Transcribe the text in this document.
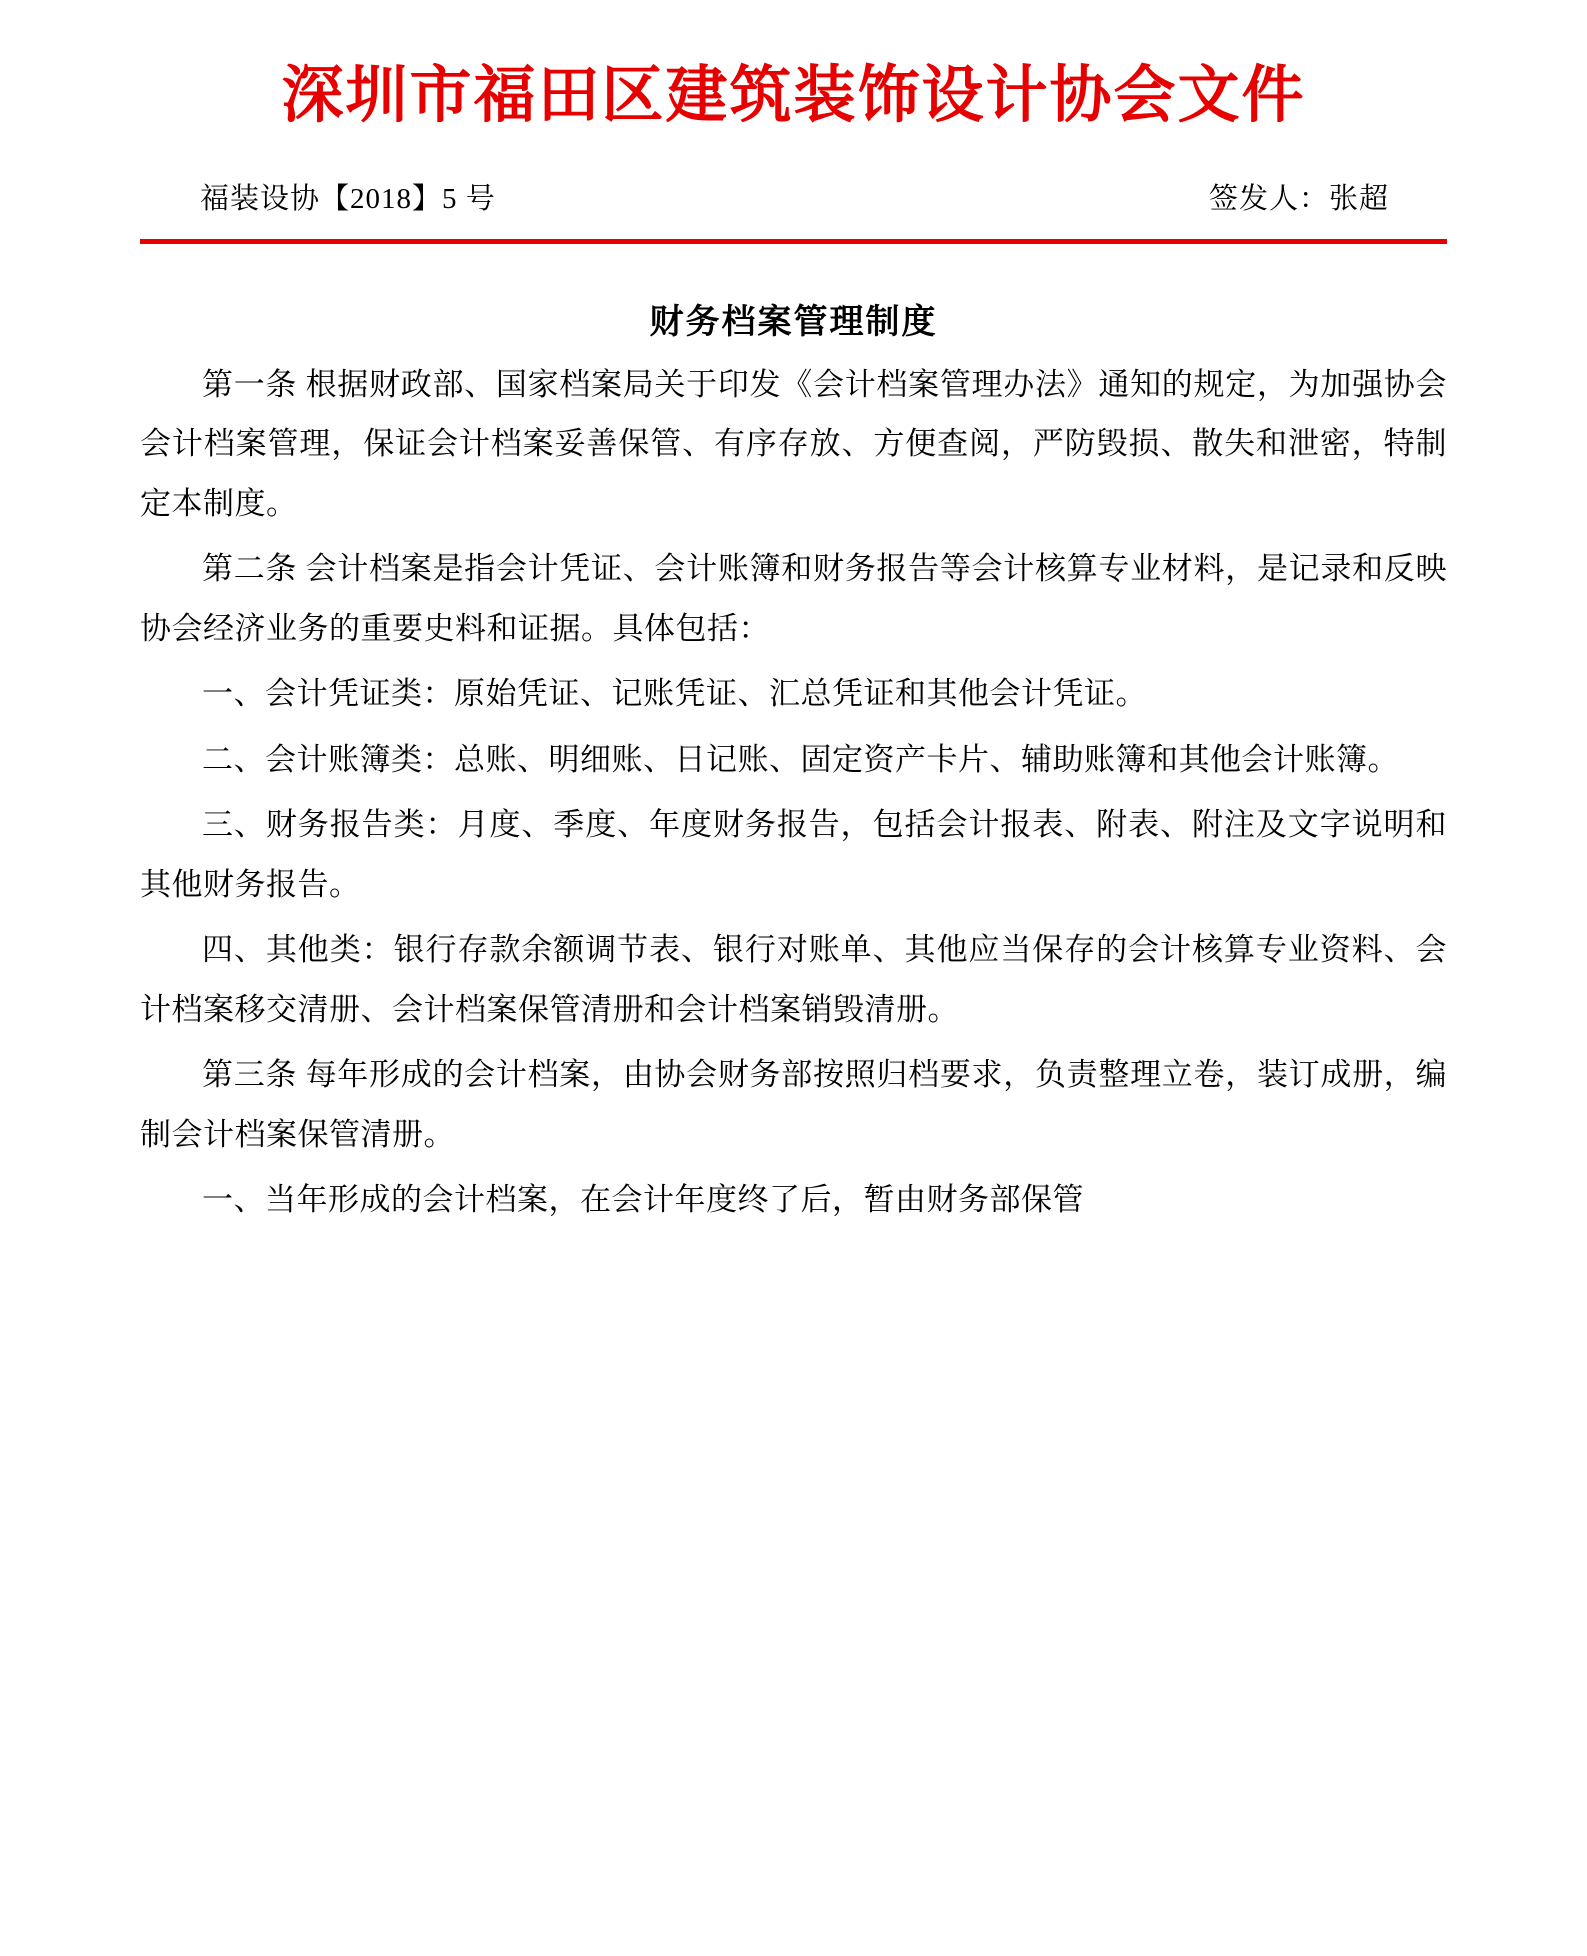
深圳市福田区建筑装饰设计协会文件
福装设协【2018】5 号	签发人：张超
财务档案管理制度

第一条 根据财政部、国家档案局关于印发《会计档案管理办法》通知的规定，为加强协会会计档案管理，保证会计档案妥善保管、有序存放、方便查阅，严防毁损、散失和泄密，特制定本制度。

第二条 会计档案是指会计凭证、会计账簿和财务报告等会计核算专业材料，是记录和反映协会经济业务的重要史料和证据。具体包括：

一、会计凭证类：原始凭证、记账凭证、汇总凭证和其他会计凭证。

二、会计账簿类：总账、明细账、日记账、固定资产卡片、辅助账簿和其他会计账簿。

三、财务报告类：月度、季度、年度财务报告，包括会计报表、附表、附注及文字说明和其他财务报告。

四、其他类：银行存款余额调节表、银行对账单、其他应当保存的会计核算专业资料、会计档案移交清册、会计档案保管清册和会计档案销毁清册。

第三条 每年形成的会计档案，由协会财务部按照归档要求，负责整理立卷，装订成册，编制会计档案保管清册。

一、当年形成的会计档案，在会计年度终了后，暂由财务部保管
